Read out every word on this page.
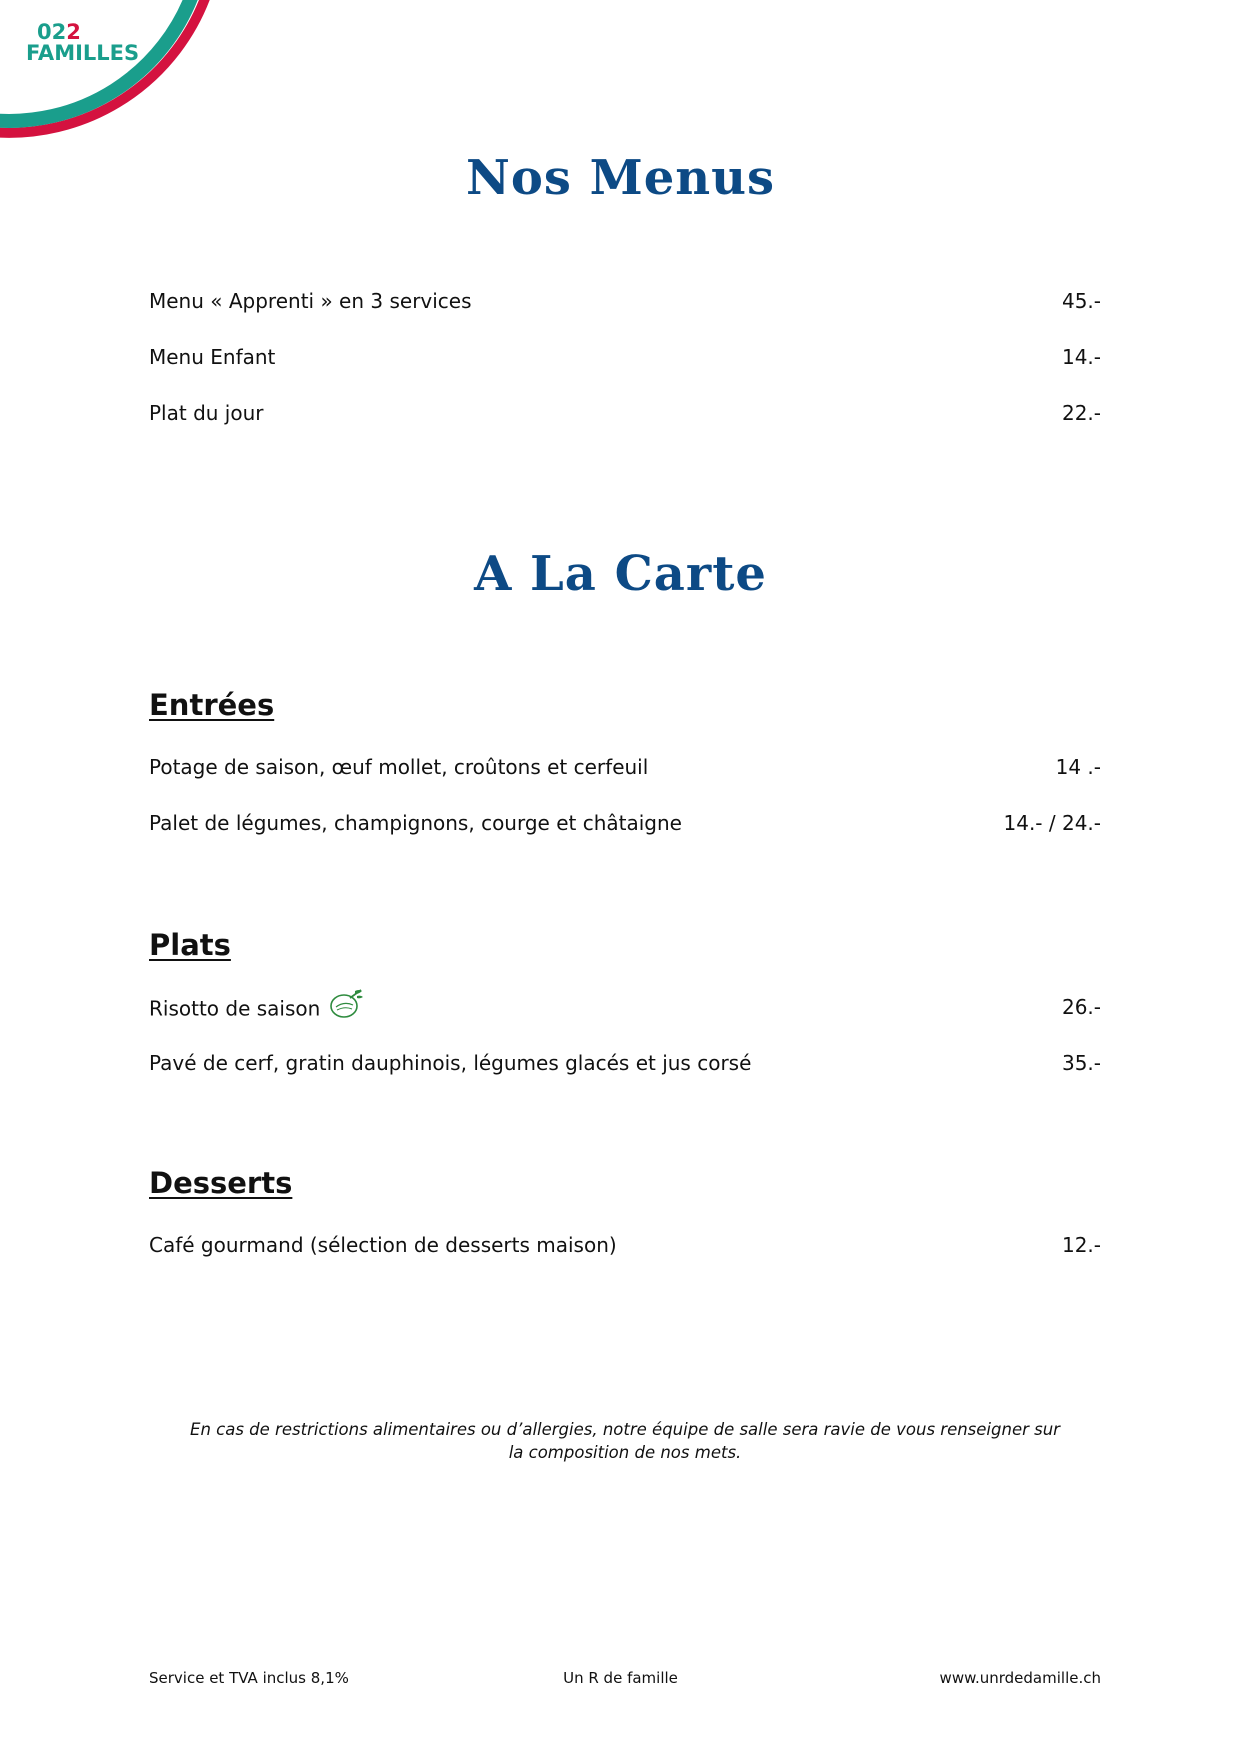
022
FAMILLES
Nos Menus
Menu « Apprenti » en 3 services	45.-
Menu Enfant	14.-
Plat du jour	22.-
A La Carte
Entrées
Potage de saison, œuf mollet, croûtons et cerfeuil	14 .-
Palet de légumes, champignons, courge et châtaigne	14.- / 24.-
Plats
Risotto de saison	26.-
Pavé de cerf, gratin dauphinois, légumes glacés et jus corsé	35.-
Desserts
Café gourmand (sélection de desserts maison)	12.-

En cas de restrictions alimentaires ou d’allergies, notre équipe de salle sera ravie de vous renseigner sur la composition de nos mets.

Service et TVA inclus 8,1%	Un R de famille	www.unrdedamille.ch
